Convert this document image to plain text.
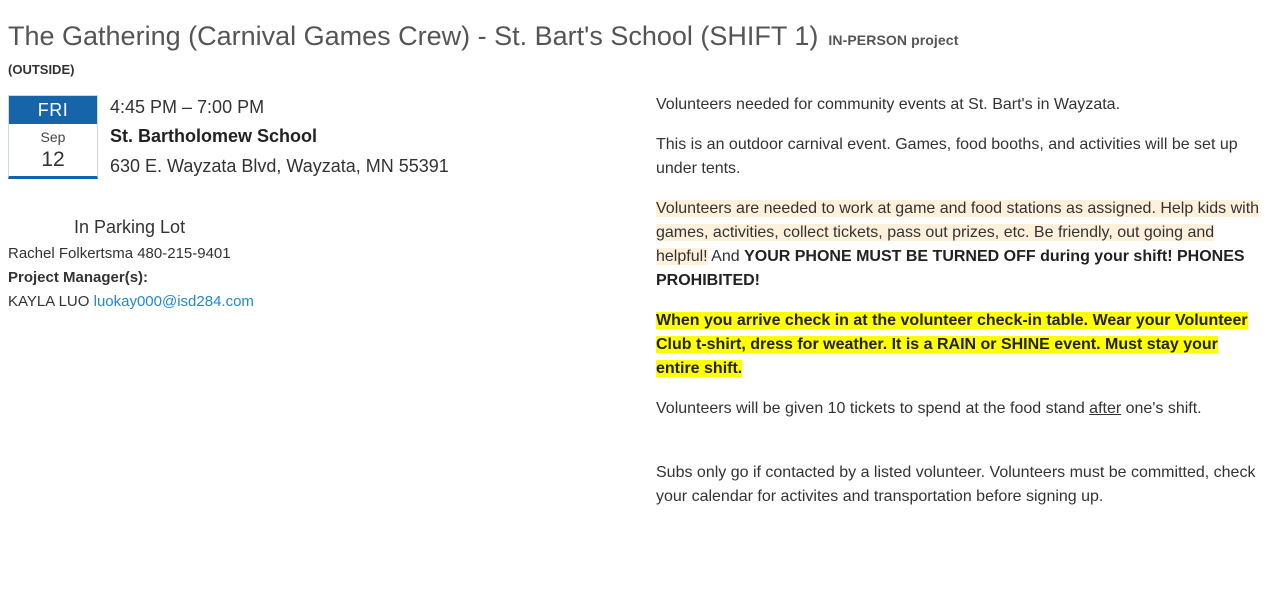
The Gathering (Carnival Games Crew) - St. Bart's School (SHIFT 1) IN-PERSON project
(OUTSIDE)
FRI
Sep
12
4:45 PM – 7:00 PM
St. Bartholomew School
630 E. Wayzata Blvd, Wayzata, MN 55391
In Parking Lot
Rachel Folkertsma 480-215-9401
Project Manager(s):
KAYLA LUO luokay000@isd284.com
Volunteers needed for community events at St. Bart's in Wayzata.
This is an outdoor carnival event. Games, food booths, and activities will be set up under tents.
Volunteers are needed to work at game and food stations as assigned. Help kids with games, activities, collect tickets, pass out prizes, etc. Be friendly, out going and helpful! And YOUR PHONE MUST BE TURNED OFF during your shift! PHONES PROHIBITED!
When you arrive check in at the volunteer check-in table. Wear your Volunteer Club t-shirt, dress for weather. It is a RAIN or SHINE event. Must stay your entire shift.
Volunteers will be given 10 tickets to spend at the food stand after one's shift.
Subs only go if contacted by a listed volunteer. Volunteers must be committed, check your calendar for activites and transportation before signing up.
